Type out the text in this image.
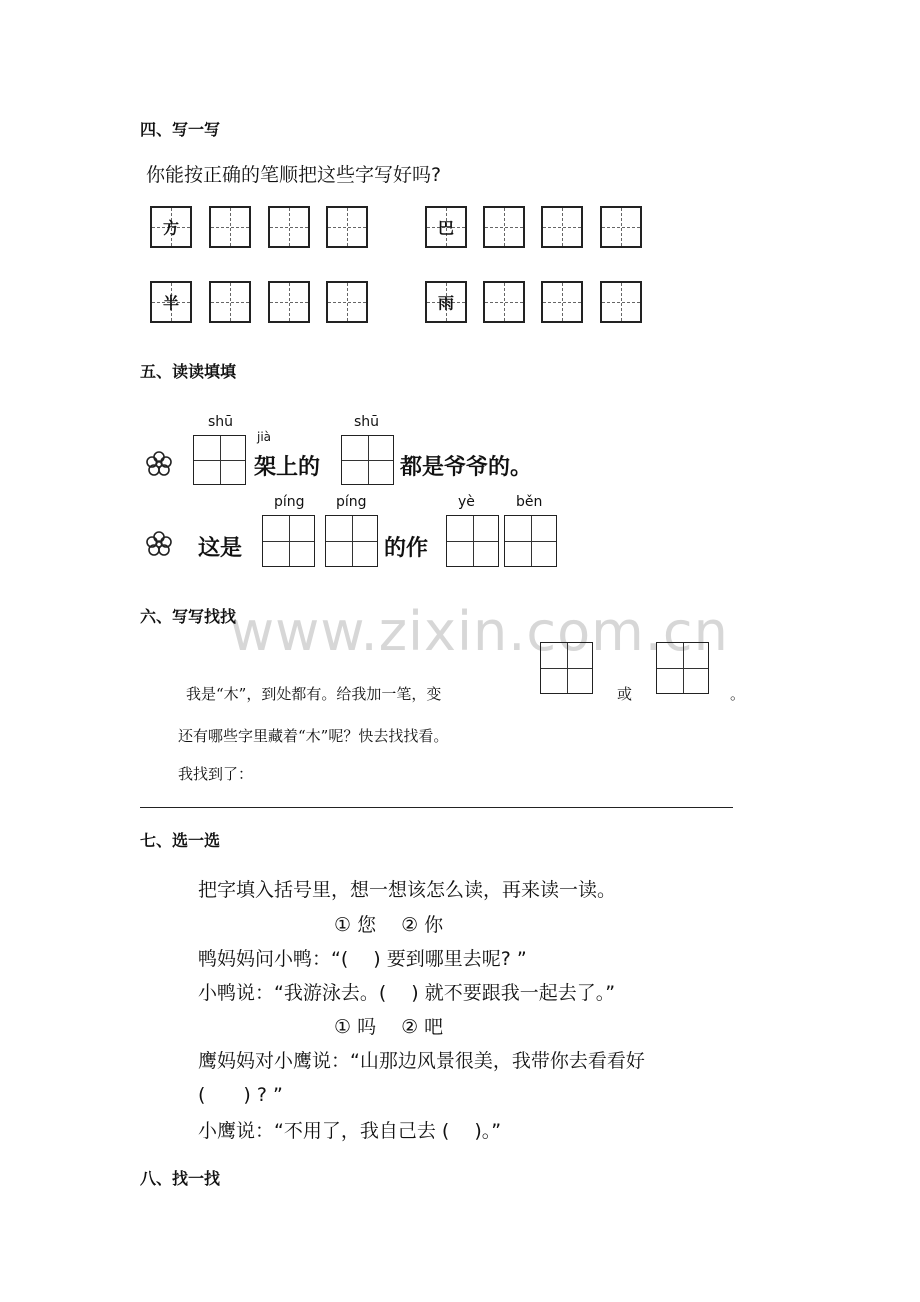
www.zixin.com.cn
四、写一写
你能按正确的笔顺把这些字写好吗?
方	巴
半	雨
五、读读填填
shū
jià
架上的
shū
都是爷爷的。
这是
píng píng
的作
yè	běn
六、写写找找
我是“木”，到处都有。给我加一笔，变	或	。
还有哪些字里藏着“木”呢？快去找找看。
我找到了：
七、选一选
把字填入括号里，想一想该怎么读，再来读一读。
① 您　 ② 你
鸭妈妈问小鸭：“(　 ) 要到哪里去呢? ”
小鸭说：“我游泳去。(　 ) 就不要跟我一起去了。”
① 吗　 ② 吧
鹰妈妈对小鹰说：“山那边风景很美，我带你去看看好
(　　) ? ”
小鹰说：“不用了，我自己去 (　 )。”
八、找一找
